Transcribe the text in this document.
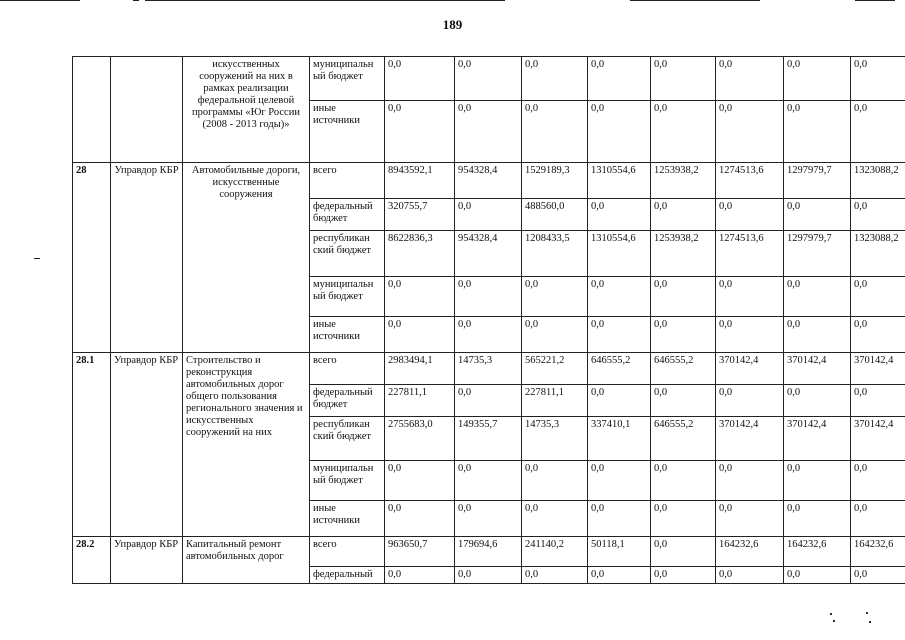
189
		искусственных сооружений на них в рамках реализации федеральной целевой программы «Юг России (2008 - 2013 годы)»	муниципальн ый бюджет	0,0	0,0	0,0	0,0	0,0	0,0	0,0	0,0
			иные источники	0,0	0,0	0,0	0,0	0,0	0,0	0,0	0,0
28	Управдор КБР	Автомобильные дороги, искусственные сооружения	всего	8943592,1	954328,4	1529189,3	1310554,6	1253938,2	1274513,6	1297979,7	1323088,2
			федеральный бюджет	320755,7	0,0	488560,0	0,0	0,0	0,0	0,0	0,0
			республикан ский бюджет	8622836,3	954328,4	1208433,5	1310554,6	1253938,2	1274513,6	1297979,7	1323088,2
			муниципальн ый бюджет	0,0	0,0	0,0	0,0	0,0	0,0	0,0	0,0
			иные источники	0,0	0,0	0,0	0,0	0,0	0,0	0,0	0,0
28.1	Управдор КБР	Строительство и реконструкция автомобильных дорог общего пользования регионального значения и искусственных сооружений на них	всего	2983494,1	14735,3	565221,2	646555,2	646555,2	370142,4	370142,4	370142,4
			федеральный бюджет	227811,1	0,0	227811,1	0,0	0,0	0,0	0,0	0,0
			республикан ский бюджет	2755683,0	149355,7	14735,3	337410,1	646555,2	370142,4	370142,4	370142,4
			муниципальн ый бюджет	0,0	0,0	0,0	0,0	0,0	0,0	0,0	0,0
			иные источники	0,0	0,0	0,0	0,0	0,0	0,0	0,0	0,0
28.2	Управдор КБР	Капитальный ремонт автомобильных дорог	всего	963650,7	179694,6	241140,2	50118,1	0,0	164232,6	164232,6	164232,6
			федеральный	0,0	0,0	0,0	0,0	0,0	0,0	0,0	0,0
